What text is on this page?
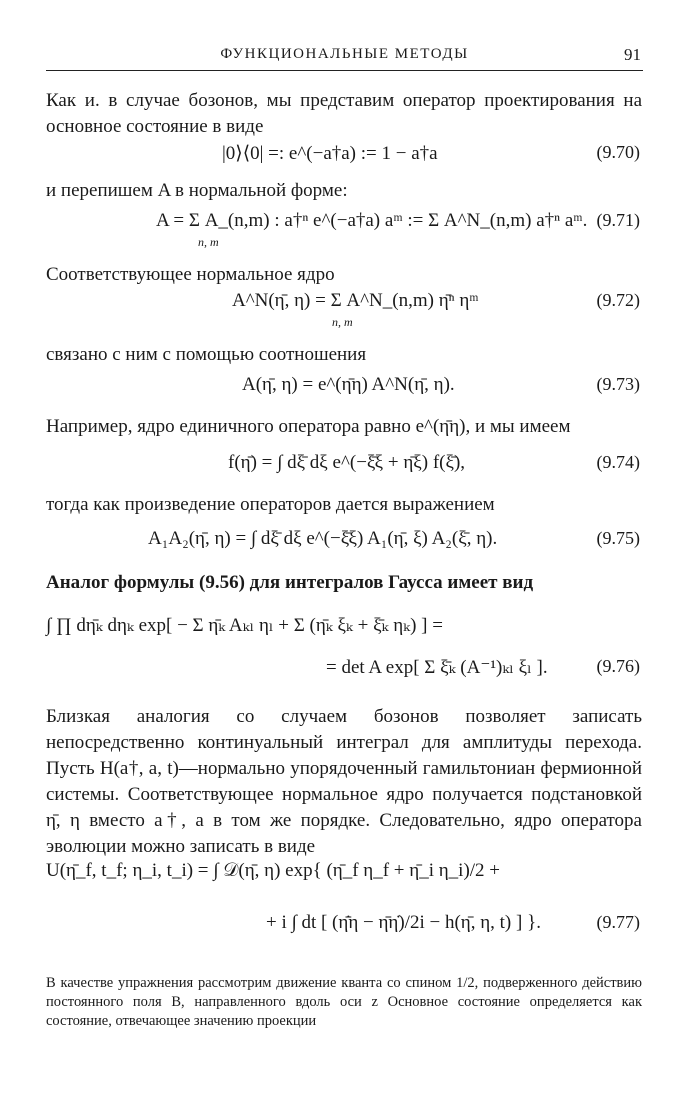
ФУНКЦИОНАЛЬНЫЕ МЕТОДЫ	91

Как и. в случае бозонов, мы представим оператор проектирования на основное состояние в виде

|0⟩⟨0| =: e^(−a†a) := 1 − a†a	(9.70)

и перепишем A в нормальной форме:

A = Σ A_(n,m) : a†ⁿ e^(−a†a) aᵐ := Σ A^N_(n,m) a†ⁿ aᵐ.
n, m
(9.71)

Соответствующее нормальное ядро

A^N(η̄, η) = Σ A^N_(n,m) η̄ⁿ ηᵐ
n, m
(9.72)

связано с ним с помощью соотношения

A(η̄, η) = e^(η̄η) A^N(η̄, η).	(9.73)

Например, ядро единичного оператора равно e^(η̄η), и мы имеем

f(η̄) = ∫ dξ̄ dξ e^(−ξ̄ξ + η̄ξ) f(ξ̄),	(9.74)

тогда как произведение операторов дается выражением

A₁A₂(η̄, η) = ∫ dξ̄ dξ e^(−ξ̄ξ) A₁(η̄, ξ) A₂(ξ̄, η).	(9.75)

Аналог формулы (9.56) для интегралов Гаусса имеет вид

∫ ∏ dη̄ₖ dηₖ exp[ − Σ η̄ₖ Aₖₗ ηₗ + Σ (η̄ₖ ξₖ + ξ̄ₖ ηₖ) ] =
= det A exp[ Σ ξ̄ₖ (A⁻¹)ₖₗ ξₗ ].	(9.76)

Близкая аналогия со случаем бозонов позволяет записать непосредственно континуальный интеграл для амплитуды перехода. Пусть H(a†, a, t)—нормально упорядоченный гамильтониан фермионной системы. Соответствующее нормальное ядро получается подстановкой η̄, η вместо a†, a в том же порядке. Следовательно, ядро оператора эволюции можно записать в виде

U(η̄_f, t_f; η_i, t_i) = ∫ 𝒟(η̄, η) exp{ (η̄_f η_f + η̄_i η_i)/2 +
+ i ∫ dt [ (η̄̇η − η̄η̇)/2i − h(η̄, η, t) ] }.	(9.77)

В качестве упражнения рассмотрим движение кванта со спином 1/2, подверженного действию постоянного поля B, направленного вдоль оси z Основное состояние определяется как состояние, отвечающее значению проекции
